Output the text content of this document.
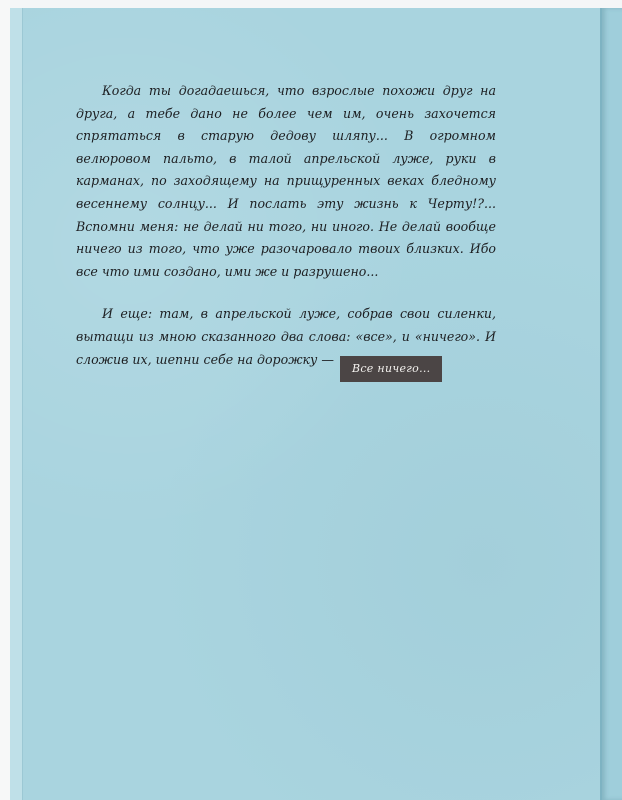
Когда ты догадаешься, что взрослые похожи друг на друга, а тебе дано не более чем им, очень захочется спрятаться в старую дедову шляпу... В огромном велюровом пальто, в талой апрельской луже, руки в карманах, по заходящему на прищуренных веках бледному весеннему солнцу... И послать эту жизнь к Черту!?... Вспомни меня: не делай ни того, ни иного. Не делай вообще ничего из того, что уже разочаровало твоих близких. Ибо все что ими создано, ими же и разрушено...

И еще: там, в апрельской луже, собрав свои силенки, вытащи из мною сказанного два слова: «все», и «ничего». И сложив их, шепни себе на дорожку —Все ничего...
